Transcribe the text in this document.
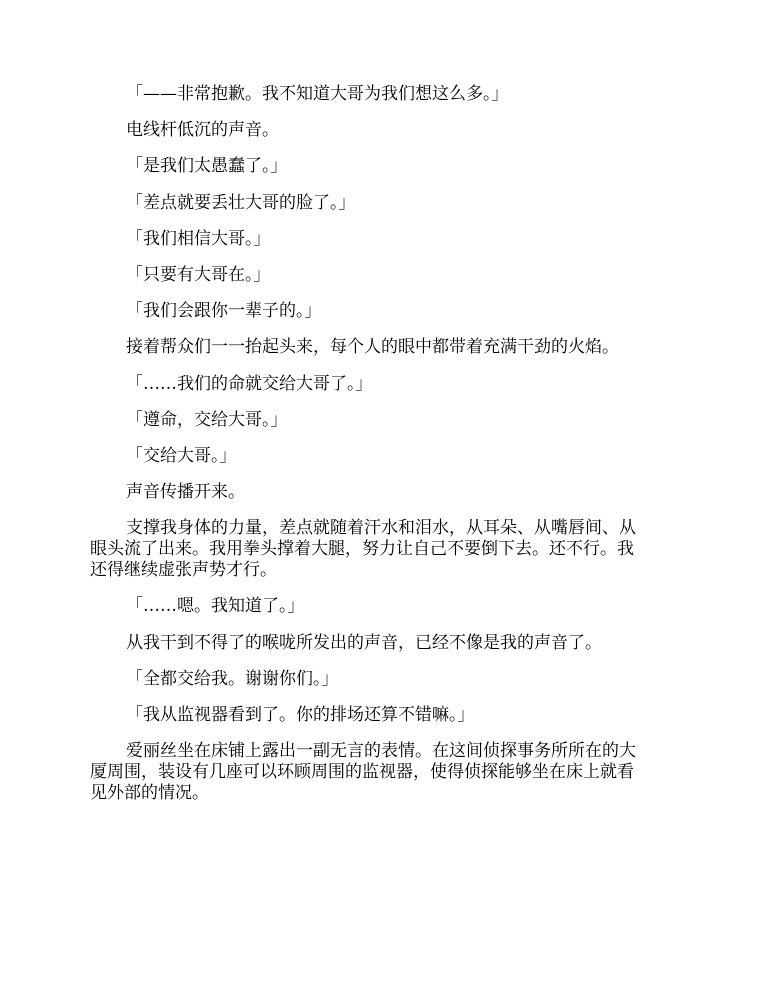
「——非常抱歉。我不知道大哥为我们想这么多。」

电线杆低沉的声音。

「是我们太愚蠢了。」

「差点就要丢壮大哥的脸了。」

「我们相信大哥。」

「只要有大哥在。」

「我们会跟你一辈子的。」

接着帮众们一一抬起头来，每个人的眼中都带着充满干劲的火焰。

「……我们的命就交给大哥了。」

「遵命，交给大哥。」

「交给大哥。」

声音传播开来。

支撑我身体的力量，差点就随着汗水和泪水，从耳朵、从嘴唇间、从眼头流了出来。我用拳头撑着大腿，努力让自己不要倒下去。还不行。我还得继续虚张声势才行。

「……嗯。我知道了。」

从我干到不得了的喉咙所发出的声音，已经不像是我的声音了。

「全都交给我。谢谢你们。」

「我从监视器看到了。你的排场还算不错嘛。」

爱丽丝坐在床铺上露出一副无言的表情。在这间侦探事务所所在的大厦周围，装设有几座可以环顾周围的监视器，使得侦探能够坐在床上就看见外部的情况。
